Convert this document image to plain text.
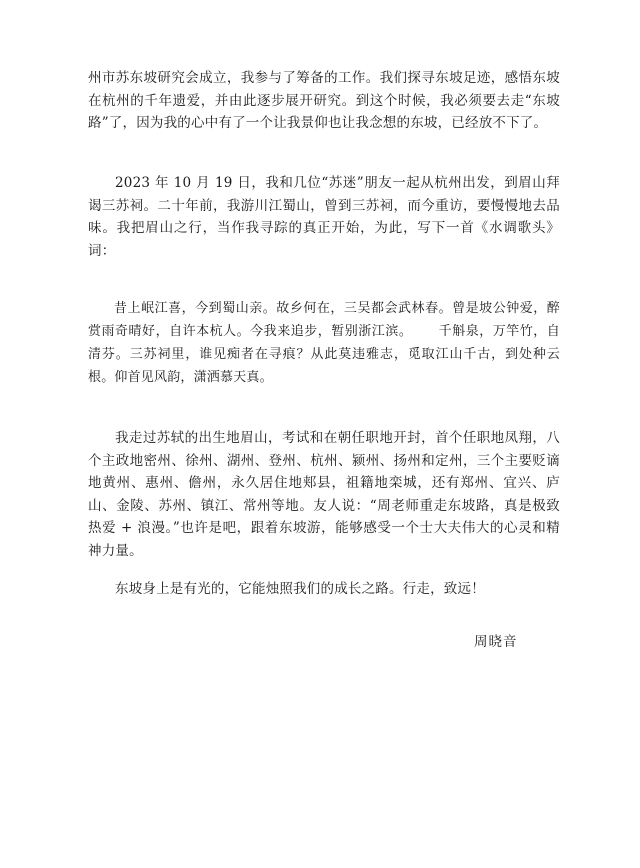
州市苏东坡研究会成立，我参与了筹备的工作。我们探寻东坡足迹，感悟东坡在杭州的千年遗爱，并由此逐步展开研究。到这个时候，我必须要去走“东坡路”了，因为我的心中有了一个让我景仰也让我念想的东坡，已经放不下了。

2023 年 10 月 19 日，我和几位“苏迷”朋友一起从杭州出发，到眉山拜谒三苏祠。二十年前，我游川江蜀山，曾到三苏祠，而今重访，要慢慢地去品味。我把眉山之行，当作我寻踪的真正开始，为此，写下一首《水调歌头》词：

昔上岷江喜，今到蜀山亲。故乡何在，三吴都会武林春。曾是坡公钟爱，醉赏雨奇晴好，自许本杭人。今我来追步，暂别浙江滨。 千斛泉，万竿竹，自清芬。三苏祠里，谁见痴者在寻痕？从此莫违雅志，觅取江山千古，到处种云根。仰首见风韵，潇洒慕天真。

我走过苏轼的出生地眉山，考试和在朝任职地开封，首个任职地凤翔，八个主政地密州、徐州、湖州、登州、杭州、颍州、扬州和定州，三个主要贬谪地黄州、惠州、儋州，永久居住地郏县，祖籍地栾城，还有郑州、宜兴、庐山、金陵、苏州、镇江、常州等地。友人说：“周老师重走东坡路，真是极致热爱 + 浪漫。”也许是吧，跟着东坡游，能够感受一个士大夫伟大的心灵和精神力量。

东坡身上是有光的，它能烛照我们的成长之路。行走，致远！

周晓音
